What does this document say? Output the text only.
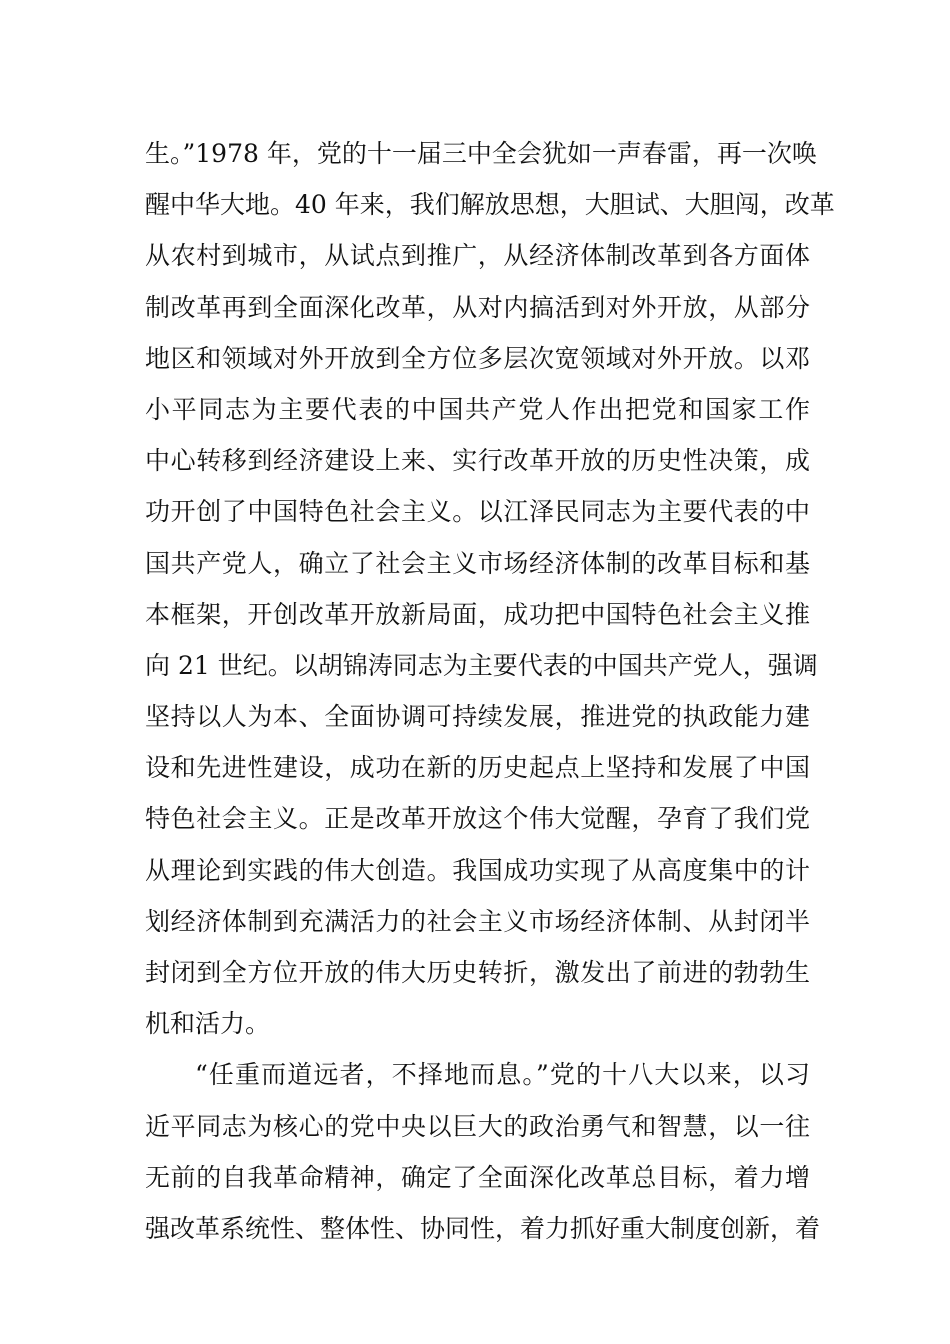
生。”1978 年，党的十一届三中全会犹如一声春雷，再一次唤
醒中华大地。40 年来，我们解放思想，大胆试、大胆闯，改革
从农村到城市，从试点到推广，从经济体制改革到各方面体
制改革再到全面深化改革，从对内搞活到对外开放，从部分
地区和领域对外开放到全方位多层次宽领域对外开放。以邓
小平同志为主要代表的中国共产党人作出把党和国家工作
中心转移到经济建设上来、实行改革开放的历史性决策，成
功开创了中国特色社会主义。以江泽民同志为主要代表的中
国共产党人，确立了社会主义市场经济体制的改革目标和基
本框架，开创改革开放新局面，成功把中国特色社会主义推
向 21 世纪。以胡锦涛同志为主要代表的中国共产党人，强调
坚持以人为本、全面协调可持续发展，推进党的执政能力建
设和先进性建设，成功在新的历史起点上坚持和发展了中国
特色社会主义。正是改革开放这个伟大觉醒，孕育了我们党
从理论到实践的伟大创造。我国成功实现了从高度集中的计
划经济体制到充满活力的社会主义市场经济体制、从封闭半
封闭到全方位开放的伟大历史转折，激发出了前进的勃勃生
机和活力。
“任重而道远者，不择地而息。”党的十八大以来，以习
近平同志为核心的党中央以巨大的政治勇气和智慧，以一往
无前的自我革命精神，确定了全面深化改革总目标，着力增
强改革系统性、整体性、协同性，着力抓好重大制度创新，着
